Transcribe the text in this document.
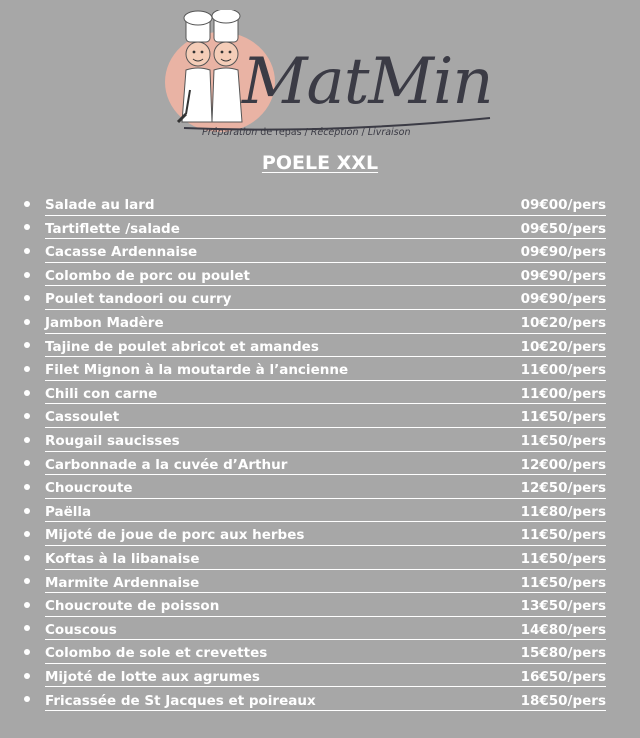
MatMin
Préparation de repas / Réception / Livraison
POELE XXL
Salade au lard	09€00/pers
Tartiflette /salade	09€50/pers
Cacasse Ardennaise	09€90/pers
Colombo de porc ou poulet	09€90/pers
Poulet tandoori ou curry	09€90/pers
Jambon Madère	10€20/pers
Tajine de poulet abricot et amandes	10€20/pers
Filet Mignon à la moutarde à l’ancienne	11€00/pers
Chili con carne	11€00/pers
Cassoulet	11€50/pers
Rougail saucisses	11€50/pers
Carbonnade a la cuvée d’Arthur	12€00/pers
Choucroute	12€50/pers
Paëlla	11€80/pers
Mijoté de joue de porc aux herbes	11€50/pers
Koftas à la libanaise	11€50/pers
Marmite Ardennaise	11€50/pers
Choucroute de poisson	13€50/pers
Couscous	14€80/pers
Colombo de sole et crevettes	15€80/pers
Mijoté de lotte aux agrumes	16€50/pers
Fricassée de St Jacques et poireaux	18€50/pers
